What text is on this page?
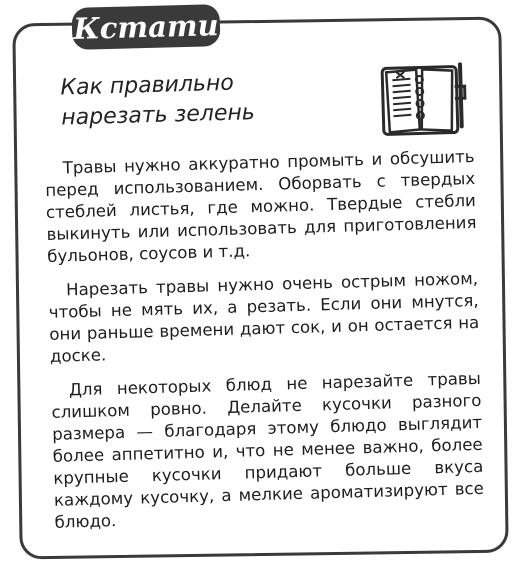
Кстати
Как правильно
нарезать зелень

Травы нужно аккуратно промыть и обсушить перед использованием. Оборвать с твердых стеблей листья, где можно. Твердые стебли выкинуть или использовать для приготовления бульонов, соусов и т.д.

Нарезать травы нужно очень острым ножом, чтобы не мять их, а резать. Если они мнутся, они раньше времени дают сок, и он остается на доске.

Для некоторых блюд не нарезайте травы слишком ровно. Делайте кусочки разного размера — благодаря этому блюдо выглядит более аппетитно и, что не менее важно, более крупные кусочки придают больше вкуса каждому кусочку, а мелкие ароматизируют все блюдо.
